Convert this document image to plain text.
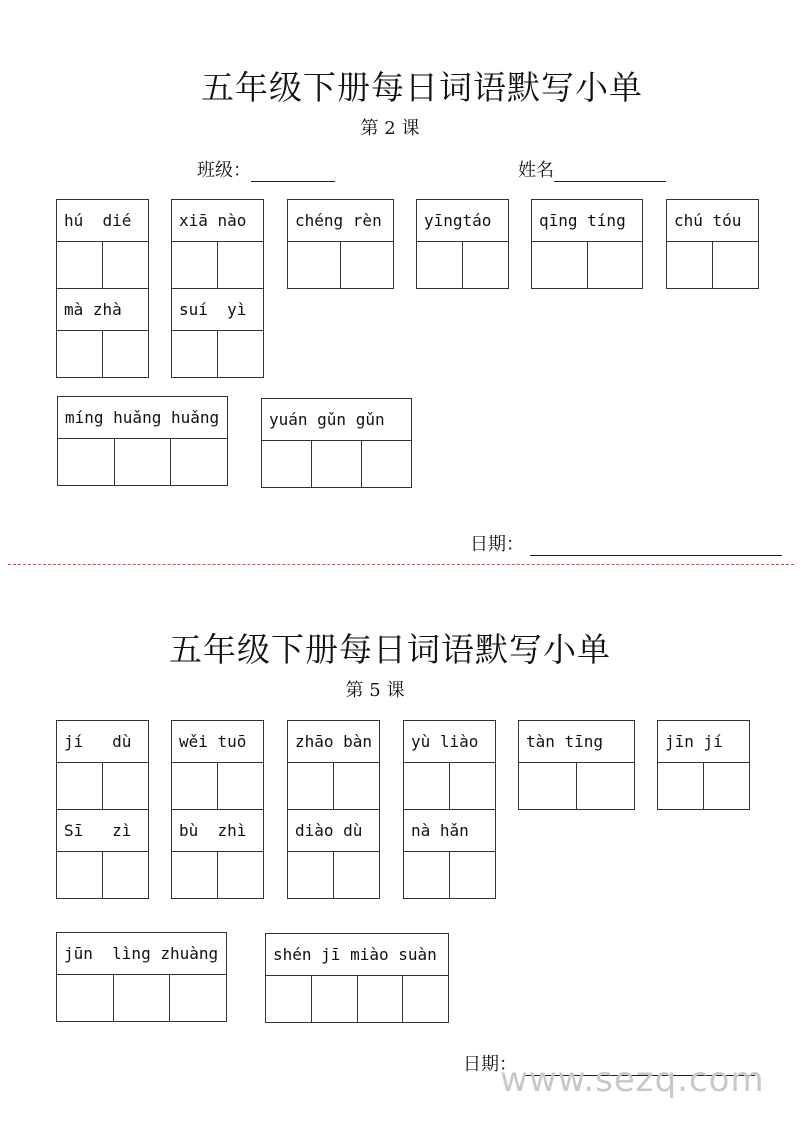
五年级下册每日词语默写小单
第 2 课
班级：	姓名
hú  dié	xiā nào	chéng rèn	yīngtáo	qīng tíng	chú tóu
mà zhà	suí  yì
míng huǎng huǎng	yuán gǔn gǔn
日期：
五年级下册每日词语默写小单
第 5 课
jí   dù	wěi tuō	zhāo bàn	yù liào	tàn tīng	jīn jí
Sī   zì	bù  zhì	diào dù	nà hǎn
jūn  lìng zhuàng	shén jī miào suàn
日期：
www.sezq.com
